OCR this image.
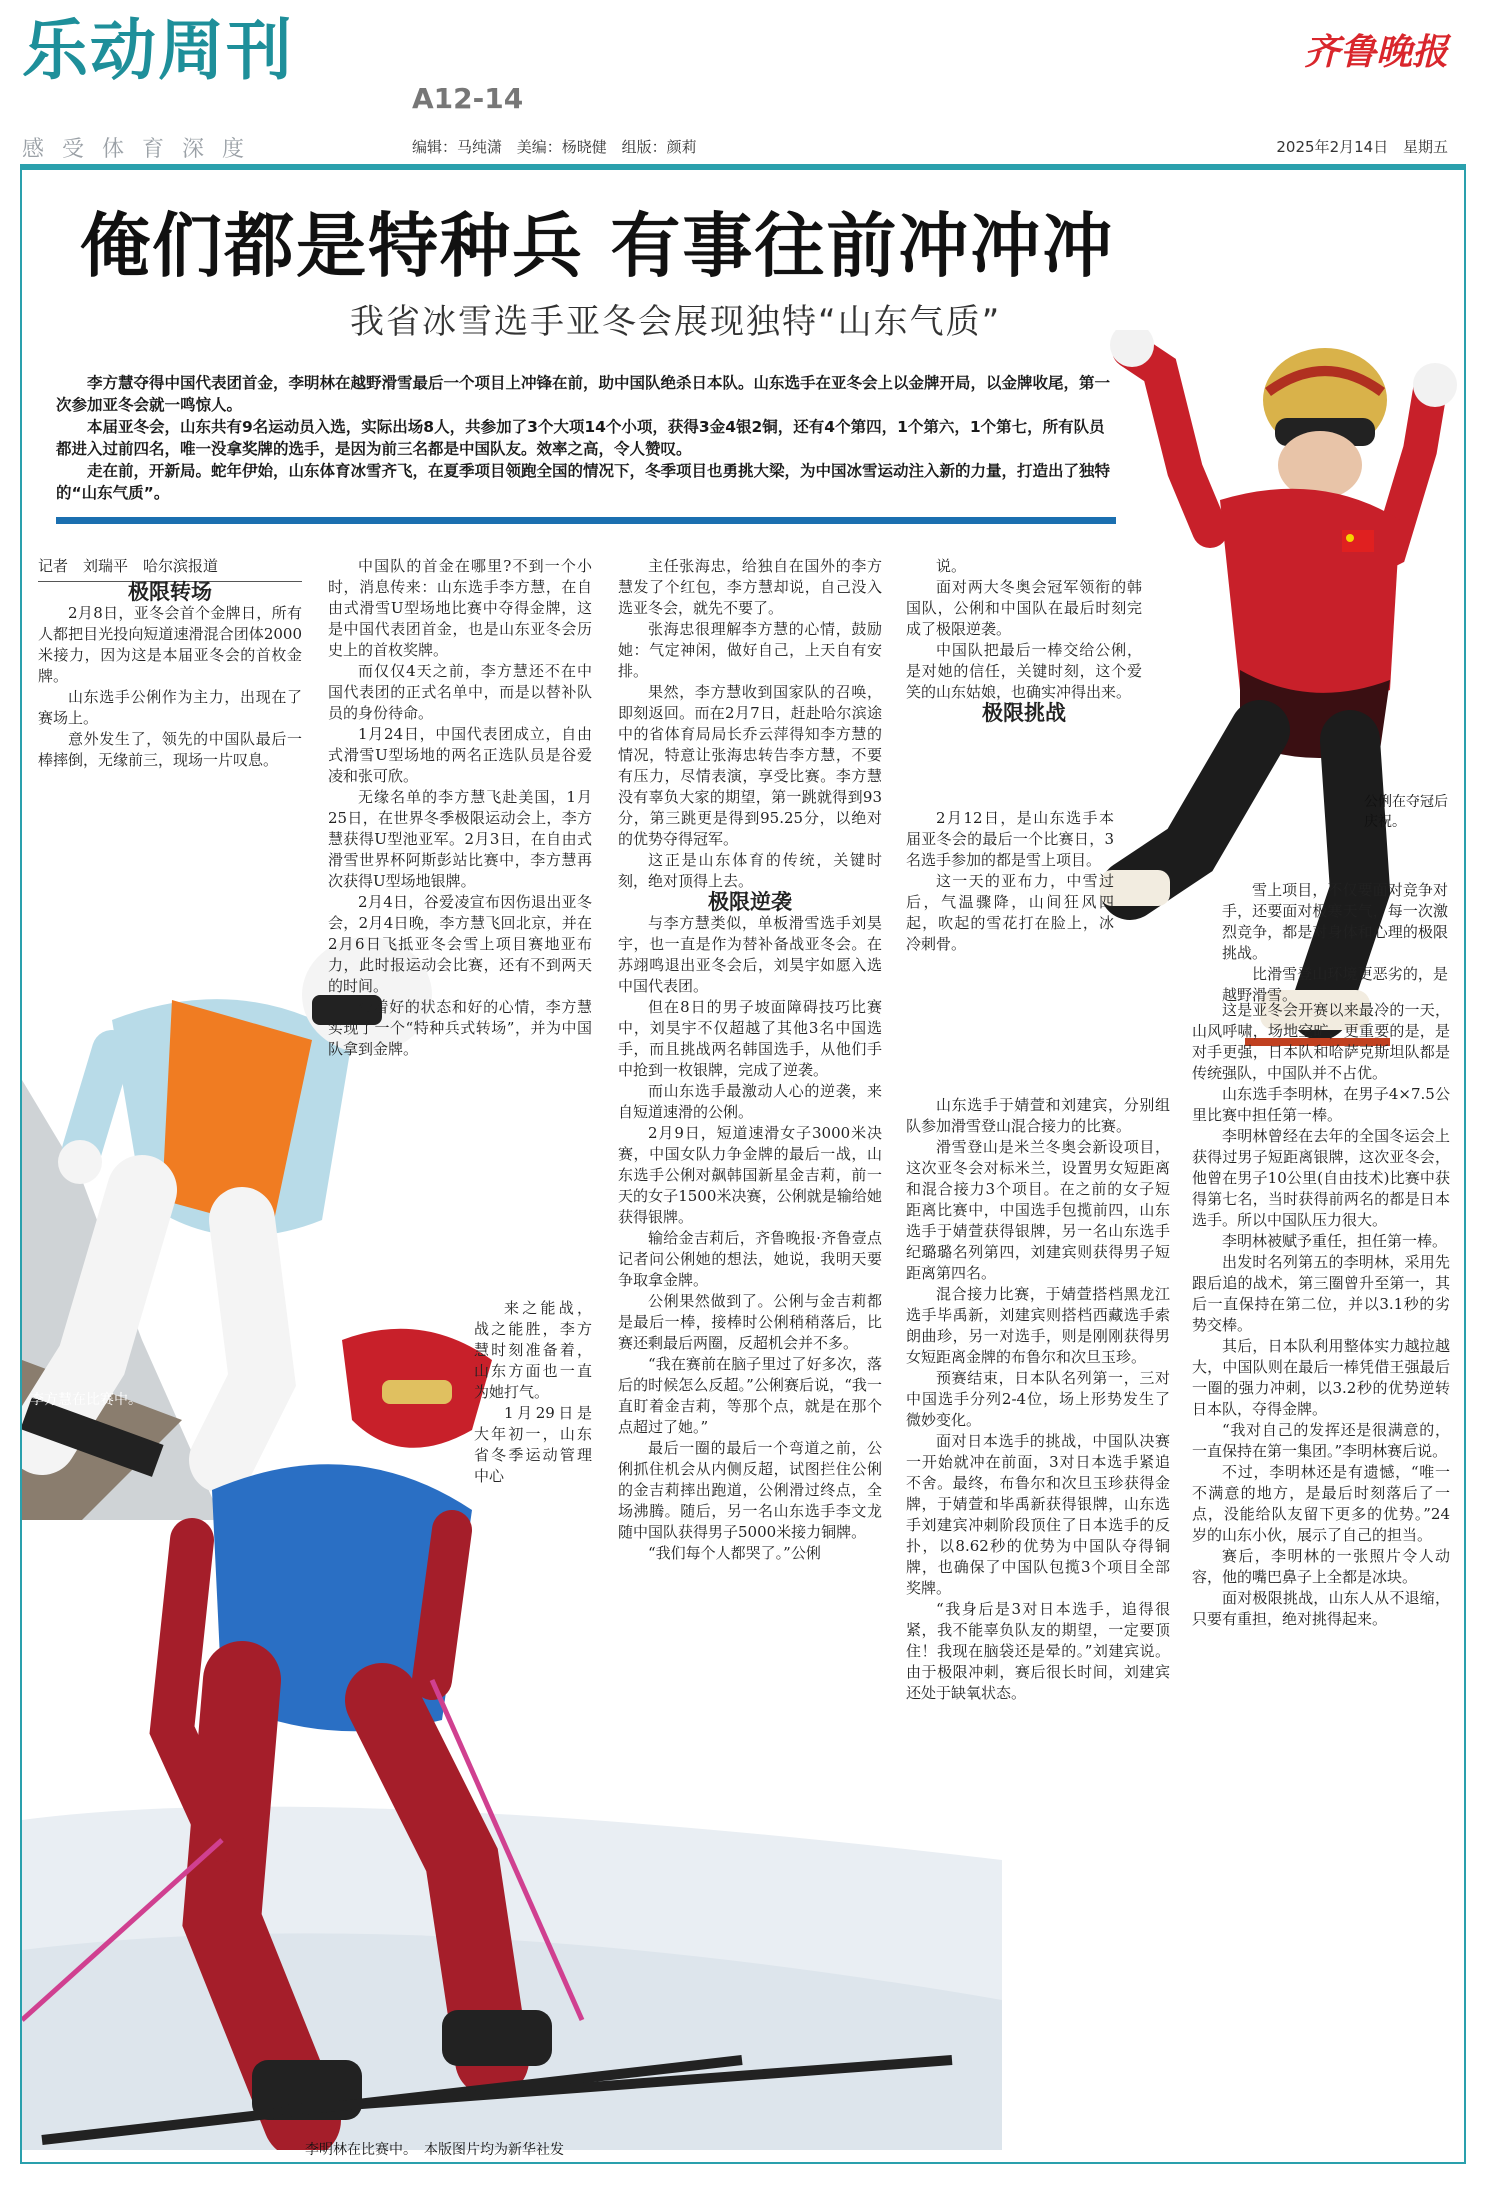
乐动周刊
A12-14
感受体育深度	编辑：马纯潇 美编：杨晓健 组版：颜莉
齐鲁晚报
2025年2月14日 星期五
俺们都是特种兵 有事往前冲冲冲
我省冰雪选手亚冬会展现独特“山东气质”

李方慧夺得中国代表团首金，李明林在越野滑雪最后一个项目上冲锋在前，助中国队绝杀日本队。山东选手在亚冬会上以金牌开局，以金牌收尾，第一次参加亚冬会就一鸣惊人。

本届亚冬会，山东共有9名运动员入选，实际出场8人，共参加了3个大项14个小项，获得3金4银2铜，还有4个第四，1个第六，1个第七，所有队员都进入过前四名，唯一没拿奖牌的选手，是因为前三名都是中国队友。效率之高，令人赞叹。

走在前，开新局。蛇年伊始，山东体育冰雪齐飞，在夏季项目领跑全国的情况下，冬季项目也勇挑大梁，为中国冰雪运动注入新的力量，打造出了独特的“山东气质”。

公俐在夺冠后庆祝。
李方慧在比赛中。
李明林在比赛中。　本版图片均为新华社发

记者　刘瑞平　哈尔滨报道

极限转场

2月8日，亚冬会首个金牌日，所有人都把目光投向短道速滑混合团体2000米接力，因为这是本届亚冬会的首枚金牌。

山东选手公俐作为主力，出现在了赛场上。

意外发生了，领先的中国队最后一棒摔倒，无缘前三，现场一片叹息。

中国队的首金在哪里?不到一个小时，消息传来：山东选手李方慧，在自由式滑雪U型场地比赛中夺得金牌，这是中国代表团首金，也是山东亚冬会历史上的首枚奖牌。

而仅仅4天之前，李方慧还不在中国代表团的正式名单中，而是以替补队员的身份待命。

1月24日，中国代表团成立，自由式滑雪U型场地的两名正选队员是谷爱凌和张可欣。

无缘名单的李方慧飞赴美国，1月25日，在世界冬季极限运动会上，李方慧获得U型池亚军。2月3日，在自由式滑雪世界杯阿斯彭站比赛中，李方慧再次获得U型场地银牌。

2月4日，谷爱凌宣布因伤退出亚冬会，2月4日晚，李方慧飞回北京，并在2月6日飞抵亚冬会雪上项目赛地亚布力，此时报运动会比赛，还有不到两天的时间。

带着好的状态和好的心情，李方慧实现了一个“特种兵式转场”，并为中国队拿到金牌。

来之能战，战之能胜，李方慧时刻准备着，山东方面也一直为她打气。

1月29日是大年初一，山东省冬季运动管理中心

主任张海忠，给独自在国外的李方慧发了个红包，李方慧却说，自己没入选亚冬会，就先不要了。

张海忠很理解李方慧的心情，鼓励她：气定神闲，做好自己，上天自有安排。

果然，李方慧收到国家队的召唤，即刻返回。而在2月7日，赶赴哈尔滨途中的省体育局局长乔云萍得知李方慧的情况，特意让张海忠转告李方慧，不要有压力，尽情表演，享受比赛。李方慧没有辜负大家的期望，第一跳就得到93分，第三跳更是得到95.25分，以绝对的优势夺得冠军。

这正是山东体育的传统，关键时刻，绝对顶得上去。

极限逆袭

与李方慧类似，单板滑雪选手刘昊宇，也一直是作为替补备战亚冬会。在苏翊鸣退出亚冬会后，刘昊宇如愿入选中国代表团。

但在8日的男子坡面障碍技巧比赛中，刘昊宇不仅超越了其他3名中国选手，而且挑战两名韩国选手，从他们手中抢到一枚银牌，完成了逆袭。

而山东选手最激动人心的逆袭，来自短道速滑的公俐。

2月9日，短道速滑女子3000米决赛，中国女队力争金牌的最后一战，山东选手公俐对飙韩国新星金吉莉，前一天的女子1500米决赛，公俐就是输给她获得银牌。

输给金吉莉后，齐鲁晚报·齐鲁壹点记者问公俐她的想法，她说，我明天要争取拿金牌。

公俐果然做到了。公俐与金吉莉都是最后一棒，接棒时公俐稍稍落后，比赛还剩最后两圈，反超机会并不多。

“我在赛前在脑子里过了好多次，落后的时候怎么反超。”公俐赛后说，“我一直盯着金吉莉，等那个点，就是在那个点超过了她。”

最后一圈的最后一个弯道之前，公俐抓住机会从内侧反超，试图拦住公俐的金吉莉摔出跑道，公俐滑过终点，全场沸腾。随后，另一名山东选手李文龙随中国队获得男子5000米接力铜牌。

“我们每个人都哭了。”公俐

说。

面对两大冬奥会冠军领衔的韩国队，公俐和中国队在最后时刻完成了极限逆袭。

中国队把最后一棒交给公俐，是对她的信任，关键时刻，这个爱笑的山东姑娘，也确实冲得出来。

极限挑战

2月12日，是山东选手本届亚冬会的最后一个比赛日，3名选手参加的都是雪上项目。

这一天的亚布力，中雪过后，气温骤降，山间狂风四起，吹起的雪花打在脸上，冰冷刺骨。

山东选手于婧萱和刘建宾，分别组队参加滑雪登山混合接力的比赛。

滑雪登山是米兰冬奥会新设项目，这次亚冬会对标米兰，设置男女短距离和混合接力3个项目。在之前的女子短距离比赛中，中国选手包揽前四，山东选手于婧萱获得银牌，另一名山东选手纪璐璐名列第四，刘建宾则获得男子短距离第四名。

混合接力比赛，于婧萱搭档黑龙江选手毕禹新，刘建宾则搭档西藏选手索朗曲珍，另一对选手，则是刚刚获得男女短距离金牌的布鲁尔和次旦玉珍。

预赛结束，日本队名列第一，三对中国选手分列2-4位，场上形势发生了微妙变化。

面对日本选手的挑战，中国队决赛一开始就冲在前面，3对日本选手紧追不舍。最终，布鲁尔和次旦玉珍获得金牌，于婧萱和毕禹新获得银牌，山东选手刘建宾冲刺阶段顶住了日本选手的反扑，以8.62秒的优势为中国队夺得铜牌，也确保了中国队包揽3个项目全部奖牌。

“我身后是3对日本选手，追得很紧，我不能辜负队友的期望，一定要顶住！我现在脑袋还是晕的。”刘建宾说。由于极限冲刺，赛后很长时间，刘建宾还处于缺氧状态。

雪上项目，不仅要面对竞争对手，还要面对极寒天气，每一次激烈竞争，都是对身体和心理的极限挑战。

比滑雪登山环境更恶劣的，是越野滑雪。

这是亚冬会开赛以来最冷的一天，山风呼啸，场地空旷，更重要的是，是对手更强，日本队和哈萨克斯坦队都是传统强队，中国队并不占优。

山东选手李明林，在男子4×7.5公里比赛中担任第一棒。

李明林曾经在去年的全国冬运会上获得过男子短距离银牌，这次亚冬会，他曾在男子10公里(自由技术)比赛中获得第七名，当时获得前两名的都是日本选手。所以中国队压力很大。

李明林被赋予重任，担任第一棒。

出发时名列第五的李明林，采用先跟后追的战术，第三圈曾升至第一，其后一直保持在第二位，并以3.1秒的劣势交棒。

其后，日本队利用整体实力越拉越大，中国队则在最后一棒凭借王强最后一圈的强力冲刺，以3.2秒的优势逆转日本队，夺得金牌。

“我对自己的发挥还是很满意的，一直保持在第一集团。”李明林赛后说。

不过，李明林还是有遗憾，“唯一不满意的地方，是最后时刻落后了一点，没能给队友留下更多的优势。”24岁的山东小伙，展示了自己的担当。

赛后，李明林的一张照片令人动容，他的嘴巴鼻子上全都是冰块。

面对极限挑战，山东人从不退缩，只要有重担，绝对挑得起来。
